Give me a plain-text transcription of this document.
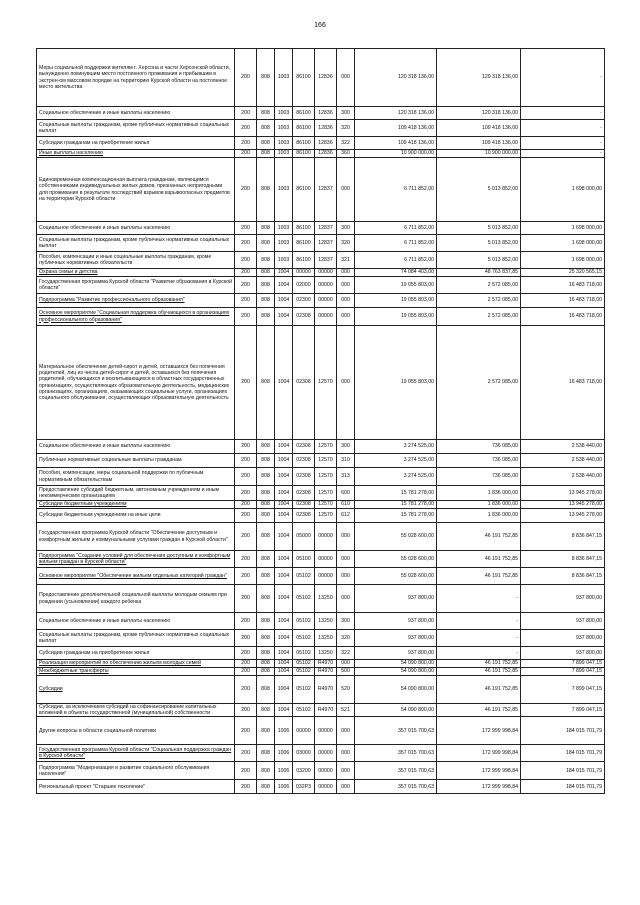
166
Меры социальной поддержки жителям г. Херсона и части Херсонской области, вынужденно покинувшим место постоянного проживания и прибывшим в экстрен-ом массовом порядке на территорию Курской области на постоянное место жительства	200	808	1003	86100	12836	000	120 318 136,00	120 318 136,00	-
Социальное обеспечение и иные выплаты населению	200	808	1003	86100	12836	300	120 318 136,00	120 318 136,00	-
Социальные выплаты гражданам, кроме публичных нормативных социальных выплат	200	808	1003	86100	12836	320	109 418 136,00	109 418 136,00	-
Субсидии гражданам на приобретение жилья	200	808	1003	86100	12836	322	109 418 136,00	109 418 136,00	-
Иные выплаты населению	200	808	1003	86100	12836	360	10 900 000,00	10 900 000,00	-
Единовременная компенсационная выплата гражданам, являющимся собственниками индивидуальных жилых домов, признанных непригодными для проживания в результате последствий взрывов взрывоопасных предметов на территории Курской области	200	808	1003	86100	12837	000	6 711 852,00	5 013 852,00	1 698 000,00
Социальное обеспечение и иные выплаты населению	200	808	1003	86100	12837	300	6 711 852,00	5 013 852,00	1 698 000,00
Социальные выплаты гражданам, кроме публичных нормативных социальных выплат	200	808	1003	86100	12837	320	6 711 852,00	5 013 852,00	1 698 000,00
Пособия, компенсации и иные социальные выплаты гражданам, кроме публичных нормативных обязательств	200	808	1003	86100	12837	321	6 711 852,00	5 013 852,00	1 698 000,00
Охрана семьи и детства	200	808	1004	00000	00000	000	74 084 403,00	48 763 837,85	25 320 565,15
Государственная программа Курской области "Развитие образования в Курской области"	200	808	1004	02000	00000	000	19 055 803,00	2 572 085,00	16 483 718,00
Подпрограмма "Развитие профессионального образования"	200	808	1004	02300	00000	000	19 055 803,00	2 572 085,00	16 483 718,00
Основное мероприятие "Социальная поддержка обучающихся в организациях профессионального образования"	200	808	1004	02308	00000	000	19 055 803,00	2 572 085,00	16 483 718,00
Материальное обеспечение детей-сирот и детей, оставшихся без попечения родителей, лиц из числа детей-сирот и детей, оставшихся без попечения родителей, обучающихся и воспитывающихся в областных государственных организациях, осуществляющих образовательную деятельность, медицинских организациях, организациях, оказывающих социальные услуги, организациях социального обслуживания, осуществляющих образовательную деятельность	200	808	1004	02308	12570	000	19 055 803,00	2 572 085,00	16 483 718,00
Социальное обеспечение и иные выплаты населению	200	808	1004	02308	12570	300	3 274 525,00	736 085,00	2 538 440,00
Публичные нормативные социальные выплаты гражданам	200	808	1004	02308	12570	310	3 274 525,00	736 085,00	2 538 440,00
Пособия, компенсации, меры социальной поддержки по публичным нормативным обязательствам	200	808	1004	02308	12570	313	3 274 525,00	736 085,00	2 538 440,00
Предоставление субсидий бюджетным, автономным учреждениям и иным некоммерческим организациям	200	808	1004	02308	12570	600	15 781 278,00	1 836 000,00	13 945 278,00
Субсидии бюджетным учреждениям	200	808	1004	02308	12570	610	15 781 278,00	1 836 000,00	13 945 278,00
Субсидии бюджетным учреждениям на иные цели	200	808	1004	02308	12570	612	15 781 278,00	1 836 000,00	13 945 278,00
Государственная программа Курской области "Обеспечение доступным и комфортным жильем и коммунальными услугами граждан в Курской области"	200	808	1004	05000	00000	000	55 028 600,00	46 191 752,85	8 836 847,15
Подпрограмма "Создание условий для обеспечения доступным и комфортным жильем граждан в Курской области"	200	808	1004	05100	00000	000	55 028 600,00	46 191 752,85	8 836 847,15
Основное мероприятие "Обеспечение жильем отдельных категорий граждан"	200	808	1004	05102	00000	000	55 028 600,00	46 191 752,85	8 836 847,15
Предоставление дополнительной социальной выплаты молодым семьям при рождении (усыновлении) каждого ребенка	200	808	1004	05102	13250	000	937 800,00	-	937 800,00
Социальное обеспечение и иные выплаты населению	200	808	1004	05102	13250	300	937 800,00	-	937 800,00
Социальные выплаты гражданам, кроме публичных нормативных социальных выплат	200	808	1004	05102	13250	320	937 800,00	-	937 800,00
Субсидии гражданам на приобретение жилья	200	808	1004	05102	13250	322	937 800,00	-	937 800,00
Реализация мероприятий по обеспечению жильем молодых семей	200	808	1004	05102	R4970	000	54 090 800,00	46 191 752,85	7 899 047,15
Межбюджетные трансферты	200	808	1004	05102	R4970	500	54 090 800,00	46 191 752,85	7 899 047,15
Субсидии	200	808	1004	05102	R4970	520	54 090 800,00	46 191 752,85	7 899 047,15
Субсидии, за исключением субсидий на софинансирование капитальных вложений в объекты государственной (муниципальной) собственности	200	808	1004	05102	R4970	521	54 090 800,00	46 191 752,85	7 899 047,15
Другие вопросы в области социальной политики	200	808	1006	00000	00000	000	357 015 700,63	172 999 998,84	184 015 701,79
Государственная программа Курской области "Социальная поддержка граждан в Курской области"	200	808	1006	03000	00000	000	357 015 700,63	172 999 998,84	184 015 701,79
Подпрограмма "Модернизация и развитие социального обслуживания населения"	200	808	1006	03200	00000	000	357 015 700,63	172 999 998,84	184 015 701,79
Региональный проект "Старшее поколение"	200	808	1006	032P3	00000	000	357 015 700,63	172 999 998,84	184 015 701,79
